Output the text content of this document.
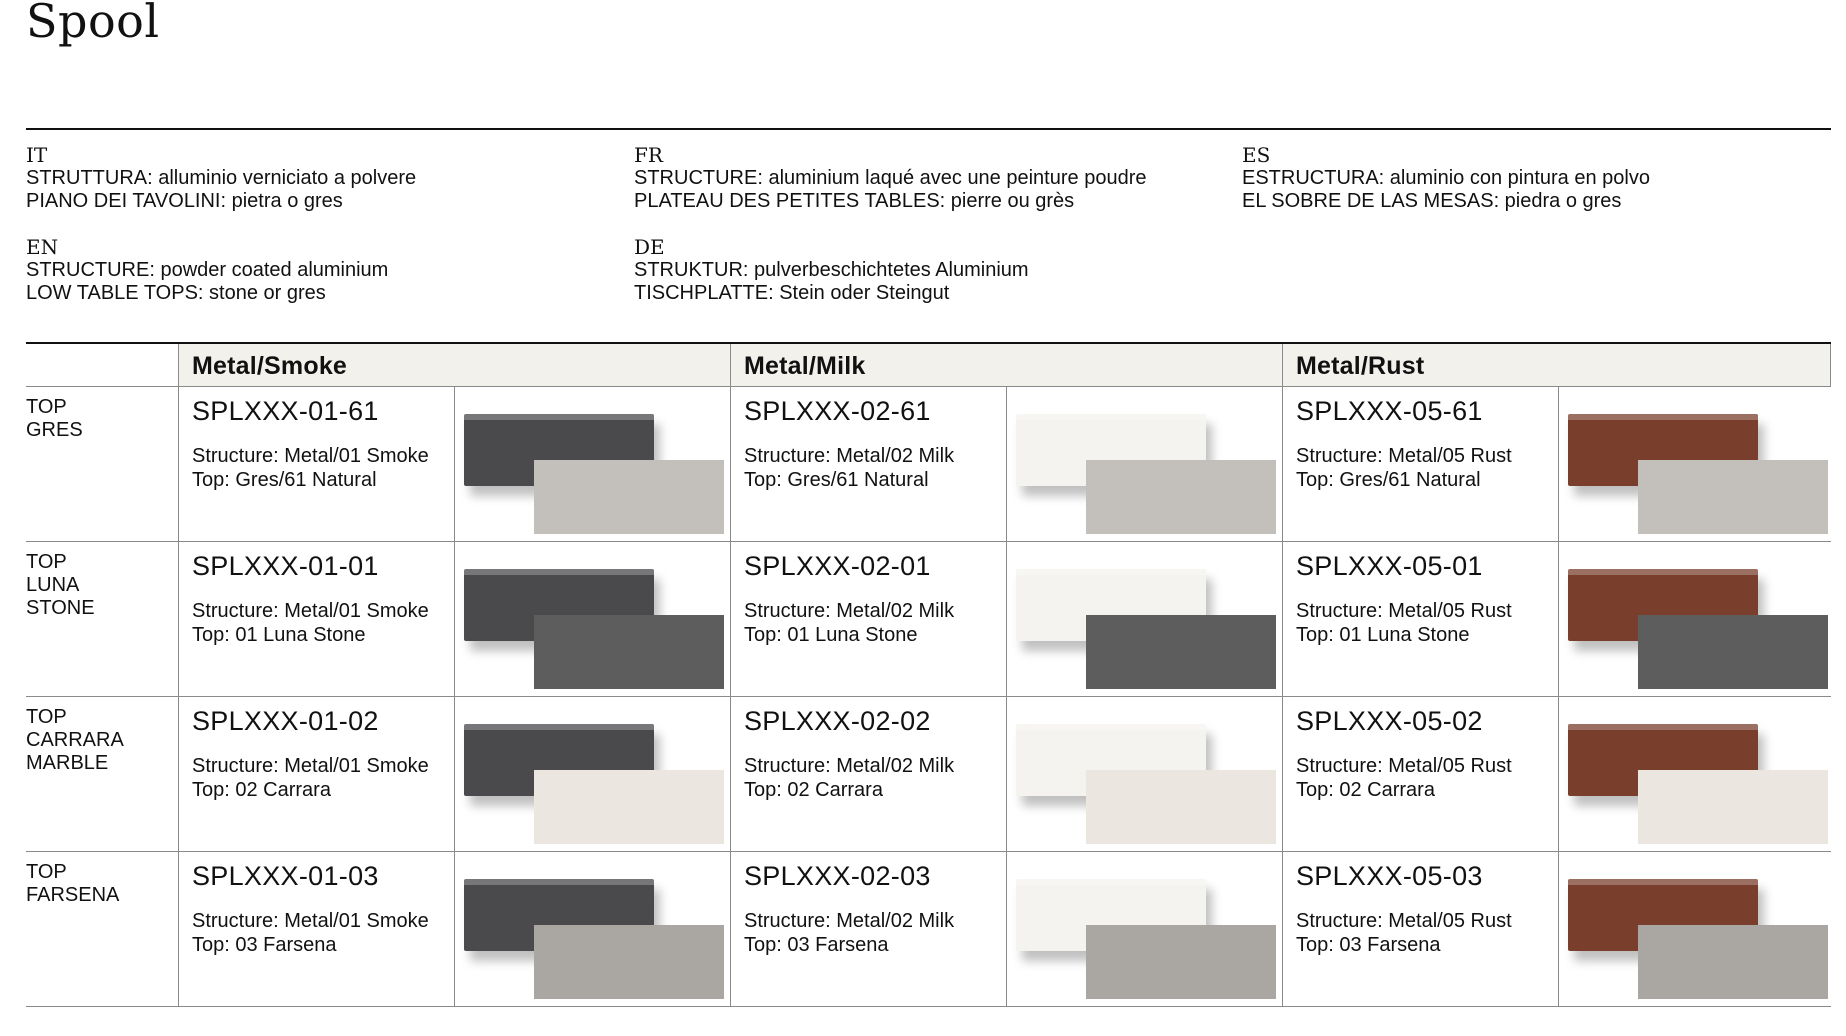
Spool
IT
STRUTTURA: alluminio verniciato a polvere
PIANO DEI TAVOLINI: pietra o gres
FR
STRUCTURE: aluminium laqué avec une peinture poudre
PLATEAU DES PETITES TABLES: pierre ou grès
ES
ESTRUCTURA: aluminio con pintura en polvo
EL SOBRE DE LAS MESAS: piedra o gres
EN
STRUCTURE: powder coated aluminium
LOW TABLE TOPS: stone or gres
DE
STRUKTUR: pulverbeschichtetes Aluminium
TISCHPLATTE: Stein oder Steingut
Metal/Smoke	Metal/Milk	Metal/Rust
TOP
GRES
SPLXXX-01-61
Structure: Metal/01 Smoke
Top: Gres/61 Natural
SPLXXX-02-61
Structure: Metal/02 Milk
Top: Gres/61 Natural
SPLXXX-05-61
Structure: Metal/05 Rust
Top: Gres/61 Natural
TOP
LUNA
STONE
SPLXXX-01-01
Structure: Metal/01 Smoke
Top: 01 Luna Stone
SPLXXX-02-01
Structure: Metal/02 Milk
Top: 01 Luna Stone
SPLXXX-05-01
Structure: Metal/05 Rust
Top: 01 Luna Stone
TOP
CARRARA
MARBLE
SPLXXX-01-02
Structure: Metal/01 Smoke
Top: 02 Carrara
SPLXXX-02-02
Structure: Metal/02 Milk
Top: 02 Carrara
SPLXXX-05-02
Structure: Metal/05 Rust
Top: 02 Carrara
TOP
FARSENA
SPLXXX-01-03
Structure: Metal/01 Smoke
Top: 03 Farsena
SPLXXX-02-03
Structure: Metal/02 Milk
Top: 03 Farsena
SPLXXX-05-03
Structure: Metal/05 Rust
Top: 03 Farsena
